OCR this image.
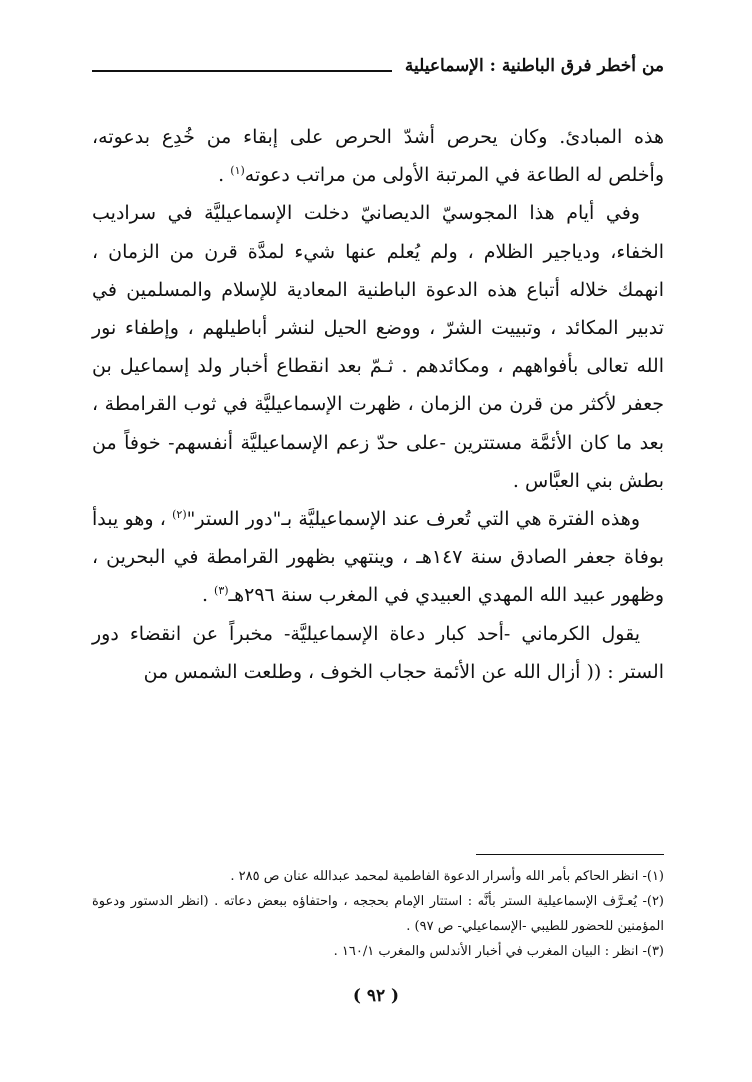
من أخطر فرق الباطنية : الإسماعيلية

هذه المبادئ. وكان يحرص أشدّ الحرص على إبقاء من خُدِع بدعوته، وأخلص له الطاعة في المرتبة الأولى من مراتب دعوته$^{(١)}$ .

وفي أيام هذا المجوسيّ الديصانيّ دخلت الإسماعيليَّة في سراديب الخفاء، ودياجير الظلام ، ولم يُعلم عنها شيء لمدَّة قرن من الزمان ، انهمك خلاله أتباع هذه الدعوة الباطنية المعادية للإسلام والمسلمين في تدبير المكائد ، وتبييت الشرّ ، ووضع الحيل لنشر أباطيلهم ، وإطفاء نور الله تعالى بأفواههم ، ومكائدهم . ثـمّ بعد انقطاع أخبار ولد إسماعيل بن جعفر لأكثر من قرن من الزمان ، ظهرت الإسماعيليَّة في ثوب القرامطة ، بعد ما كان الأئمَّة مستترين -على حدّ زعم الإسماعيليَّة أنفسهم- خوفاً من بطش بني العبَّاس .

وهذه الفترة هي التي تُعرف عند الإسماعيليَّة بـ"دور الستر"$^{(٢)}$ ، وهو يبدأ بوفاة جعفر الصادق سنة ١٤٧هـ ، وينتهي بظهور القرامطة في البحرين ، وظهور عبيد الله المهدي العبيدي في المغرب سنة ٢٩٦هـ$^{(٣)}$ .

يقول الكرماني -أحد كبار دعاة الإسماعيليَّة- مخبراً عن انقضاء دور الستر : (( أزال الله عن الأئمة حجاب الخوف ، وطلعت الشمس من

(١)- انظر الحاكم بأمر الله وأسرار الدعوة الفاطمية لمحمد عبدالله عنان ص ٢٨٥ .

(٢)- يُعـرَّف الإسماعيلية الستر بأنَّه : استتار الإمام بحججه ، واحتفاؤه ببعض دعاته . (انظر الدستور ودعوة المؤمنين للحضور للطيبي -الإسماعيلي- ص ٩٧) .

(٣)- انظر : البيان المغرب في أخبار الأندلس والمغرب ١٦٠/١ .

( ٩٢ )
